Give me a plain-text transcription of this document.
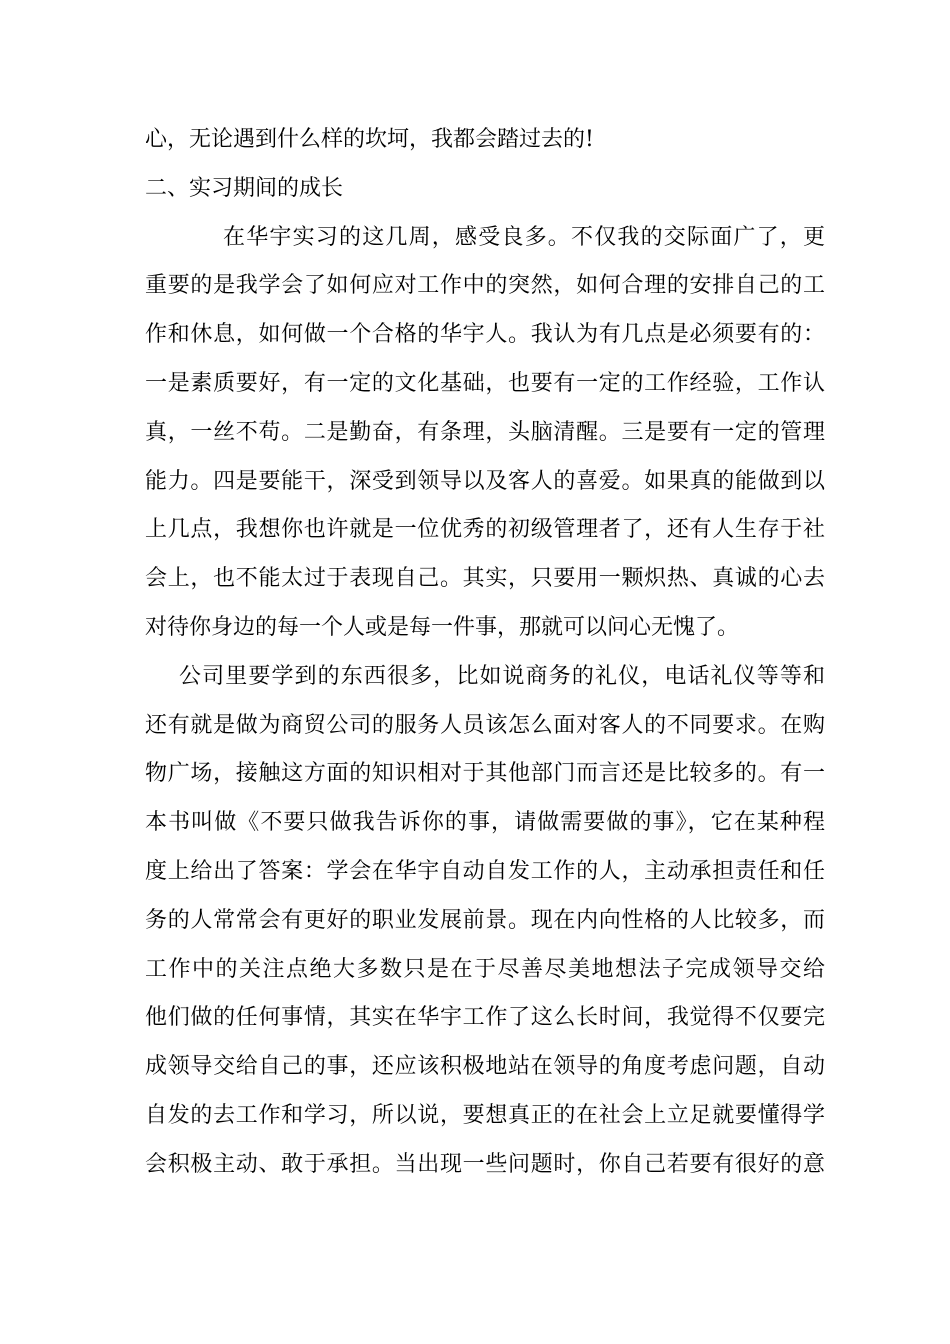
心，无论遇到什么样的坎坷，我都会踏过去的!
二、实习期间的成长
在华宇实习的这几周，感受良多。不仅我的交际面广了，更
重要的是我学会了如何应对工作中的突然，如何合理的安排自己的工
作和休息，如何做一个合格的华宇人。我认为有几点是必须要有的：
一是素质要好，有一定的文化基础，也要有一定的工作经验，工作认
真，一丝不苟。二是勤奋，有条理，头脑清醒。三是要有一定的管理
能力。四是要能干，深受到领导以及客人的喜爱。如果真的能做到以
上几点，我想你也许就是一位优秀的初级管理者了，还有人生存于社
会上，也不能太过于表现自己。其实，只要用一颗炽热、真诚的心去
对待你身边的每一个人或是每一件事，那就可以问心无愧了。
公司里要学到的东西很多，比如说商务的礼仪，电话礼仪等等和
还有就是做为商贸公司的服务人员该怎么面对客人的不同要求。在购
物广场，接触这方面的知识相对于其他部门而言还是比较多的。有一
本书叫做《不要只做我告诉你的事，请做需要做的事》，它在某种程
度上给出了答案：学会在华宇自动自发工作的人，主动承担责任和任
务的人常常会有更好的职业发展前景。现在内向性格的人比较多，而
工作中的关注点绝大多数只是在于尽善尽美地想法子完成领导交给
他们做的任何事情，其实在华宇工作了这么长时间，我觉得不仅要完
成领导交给自己的事，还应该积极地站在领导的角度考虑问题，自动
自发的去工作和学习，所以说，要想真正的在社会上立足就要懂得学
会积极主动、敢于承担。当出现一些问题时，你自己若要有很好的意
